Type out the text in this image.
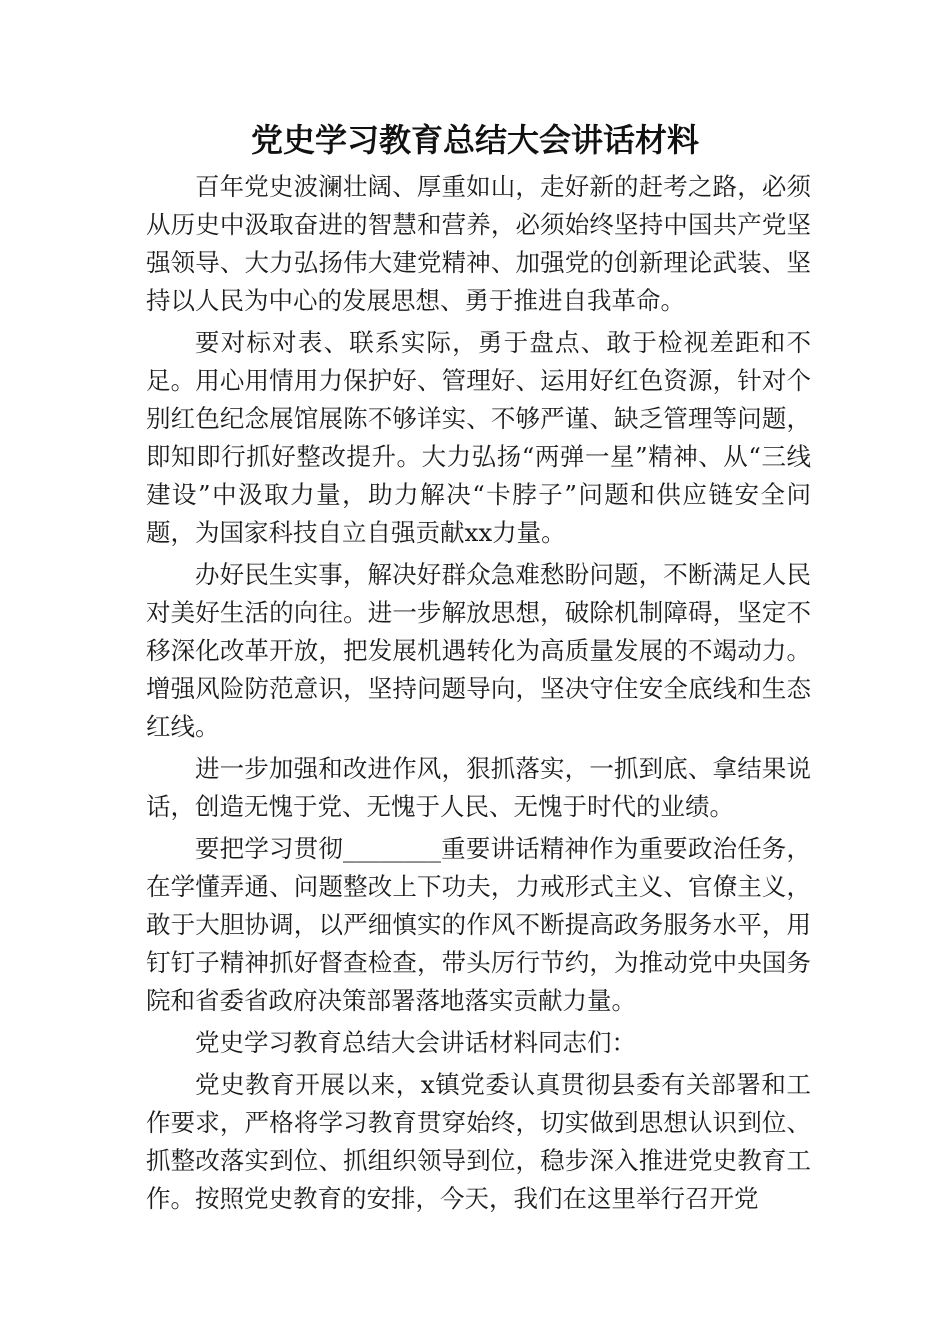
党史学习教育总结大会讲话材料

百年党史波澜壮阔、厚重如山，走好新的赶考之路，必须从历史中汲取奋进的智慧和营养，必须始终坚持中国共产党坚强领导、大力弘扬伟大建党精神、加强党的创新理论武装、坚持以人民为中心的发展思想、勇于推进自我革命。

要对标对表、联系实际，勇于盘点、敢于检视差距和不足。用心用情用力保护好、管理好、运用好红色资源，针对个别红色纪念展馆展陈不够详实、不够严谨、缺乏管理等问题，即知即行抓好整改提升。大力弘扬“两弹一星”精神、从“三线建设”中汲取力量，助力解决“卡脖子”问题和供应链安全问题，为国家科技自立自强贡献xx力量。

办好民生实事，解决好群众急难愁盼问题，不断满足人民对美好生活的向往。进一步解放思想，破除机制障碍，坚定不移深化改革开放，把发展机遇转化为高质量发展的不竭动力。增强风险防范意识，坚持问题导向，坚决守住安全底线和生态红线。

进一步加强和改进作风，狠抓落实，一抓到底、拿结果说话，创造无愧于党、无愧于人民、无愧于时代的业绩。

要把学习贯彻________重要讲话精神作为重要政治任务，在学懂弄通、问题整改上下功夫，力戒形式主义、官僚主义，敢于大胆协调，以严细慎实的作风不断提高政务服务水平，用钉钉子精神抓好督查检查，带头厉行节约，为推动党中央国务院和省委省政府决策部署落地落实贡献力量。

党史学习教育总结大会讲话材料同志们：

党史教育开展以来，x镇党委认真贯彻县委有关部署和工作要求，严格将学习教育贯穿始终，切实做到思想认识到位、抓整改落实到位、抓组织领导到位，稳步深入推进党史教育工作。按照党史教育的安排，今天，我们在这里举行召开党
